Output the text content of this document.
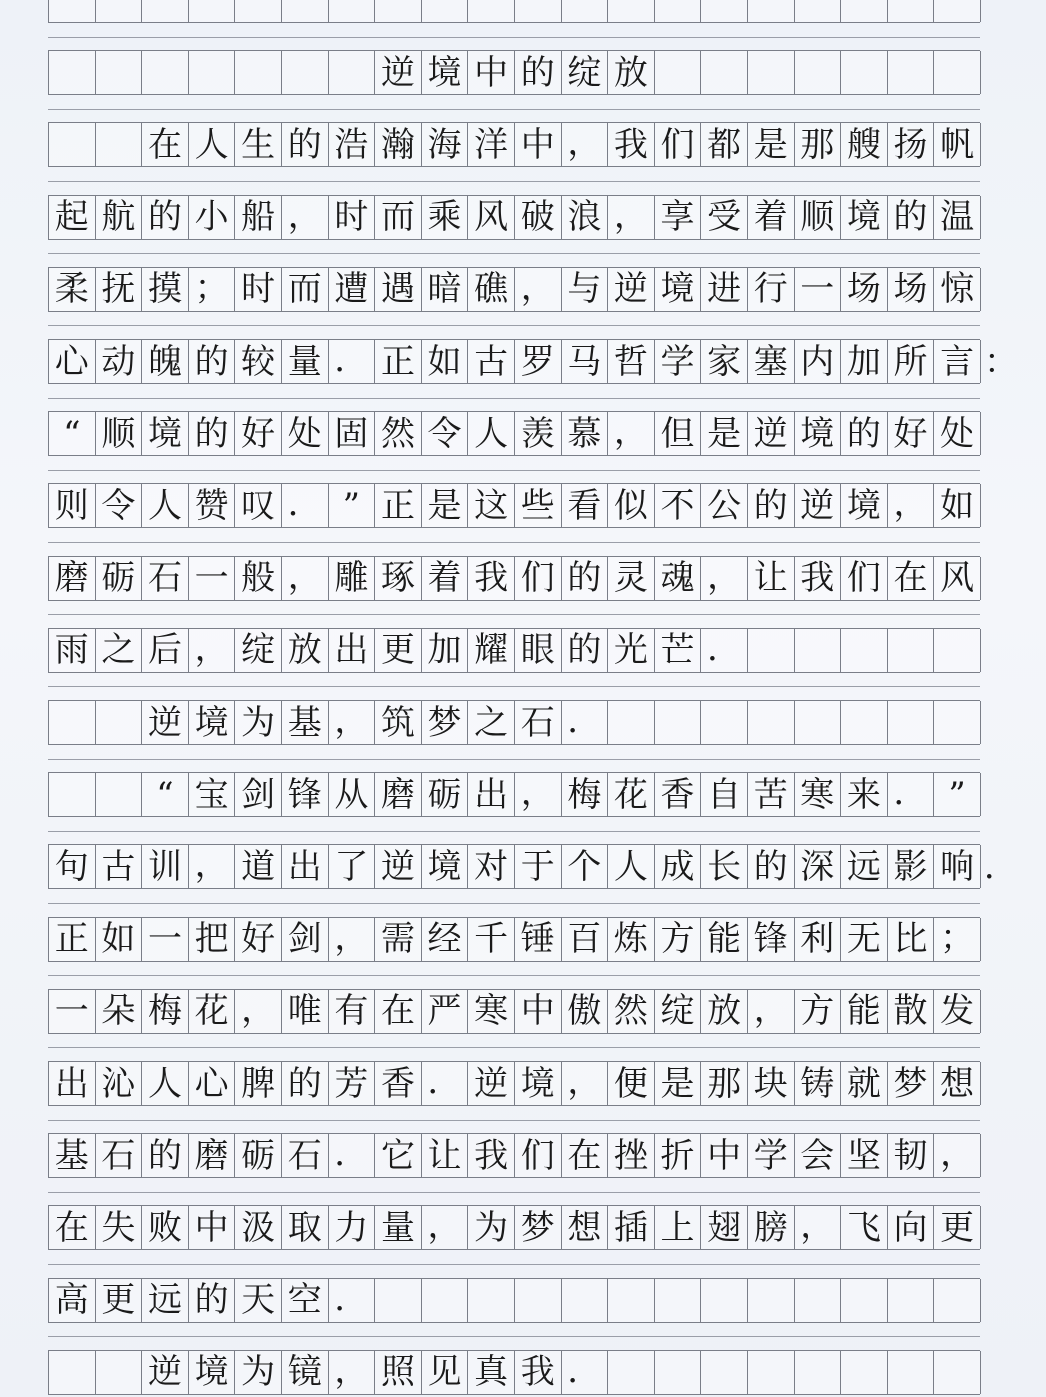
逆 境 中 的 绽 放
在 人 生 的 浩 瀚 海 洋 中 ， 我 们 都 是 那 艘 扬 帆
起 航 的 小 船 ， 时 而 乘 风 破 浪 ， 享 受 着 顺 境 的 温
柔 抚 摸 ； 时 而 遭 遇 暗 礁 ， 与 逆 境 进 行 一 场 场 惊
心 动 魄 的 较 量 ． 正 如 古 罗 马 哲 学 家 塞 内 加 所 言 ：
“ 顺 境 的 好 处 固 然 令 人 羡 慕 ， 但 是 逆 境 的 好 处
则 令 人 赞 叹 ． ” 正 是 这 些 看 似 不 公 的 逆 境 ， 如
磨 砺 石 一 般 ， 雕 琢 着 我 们 的 灵 魂 ， 让 我 们 在 风
雨 之 后 ， 绽 放 出 更 加 耀 眼 的 光 芒 ．
逆 境 为 基 ， 筑 梦 之 石 ．
“ 宝 剑 锋 从 磨 砺 出 ， 梅 花 香 自 苦 寒 来 ． ”
句 古 训 ， 道 出 了 逆 境 对 于 个 人 成 长 的 深 远 影 响 ．
正 如 一 把 好 剑 ， 需 经 千 锤 百 炼 方 能 锋 利 无 比 ；
一 朵 梅 花 ， 唯 有 在 严 寒 中 傲 然 绽 放 ， 方 能 散 发
出 沁 人 心 脾 的 芳 香 ． 逆 境 ， 便 是 那 块 铸 就 梦 想
基 石 的 磨 砺 石 ． 它 让 我 们 在 挫 折 中 学 会 坚 韧 ，
在 失 败 中 汲 取 力 量 ， 为 梦 想 插 上 翅 膀 ， 飞 向 更
高 更 远 的 天 空 ．
逆 境 为 镜 ， 照 见 真 我 ．
